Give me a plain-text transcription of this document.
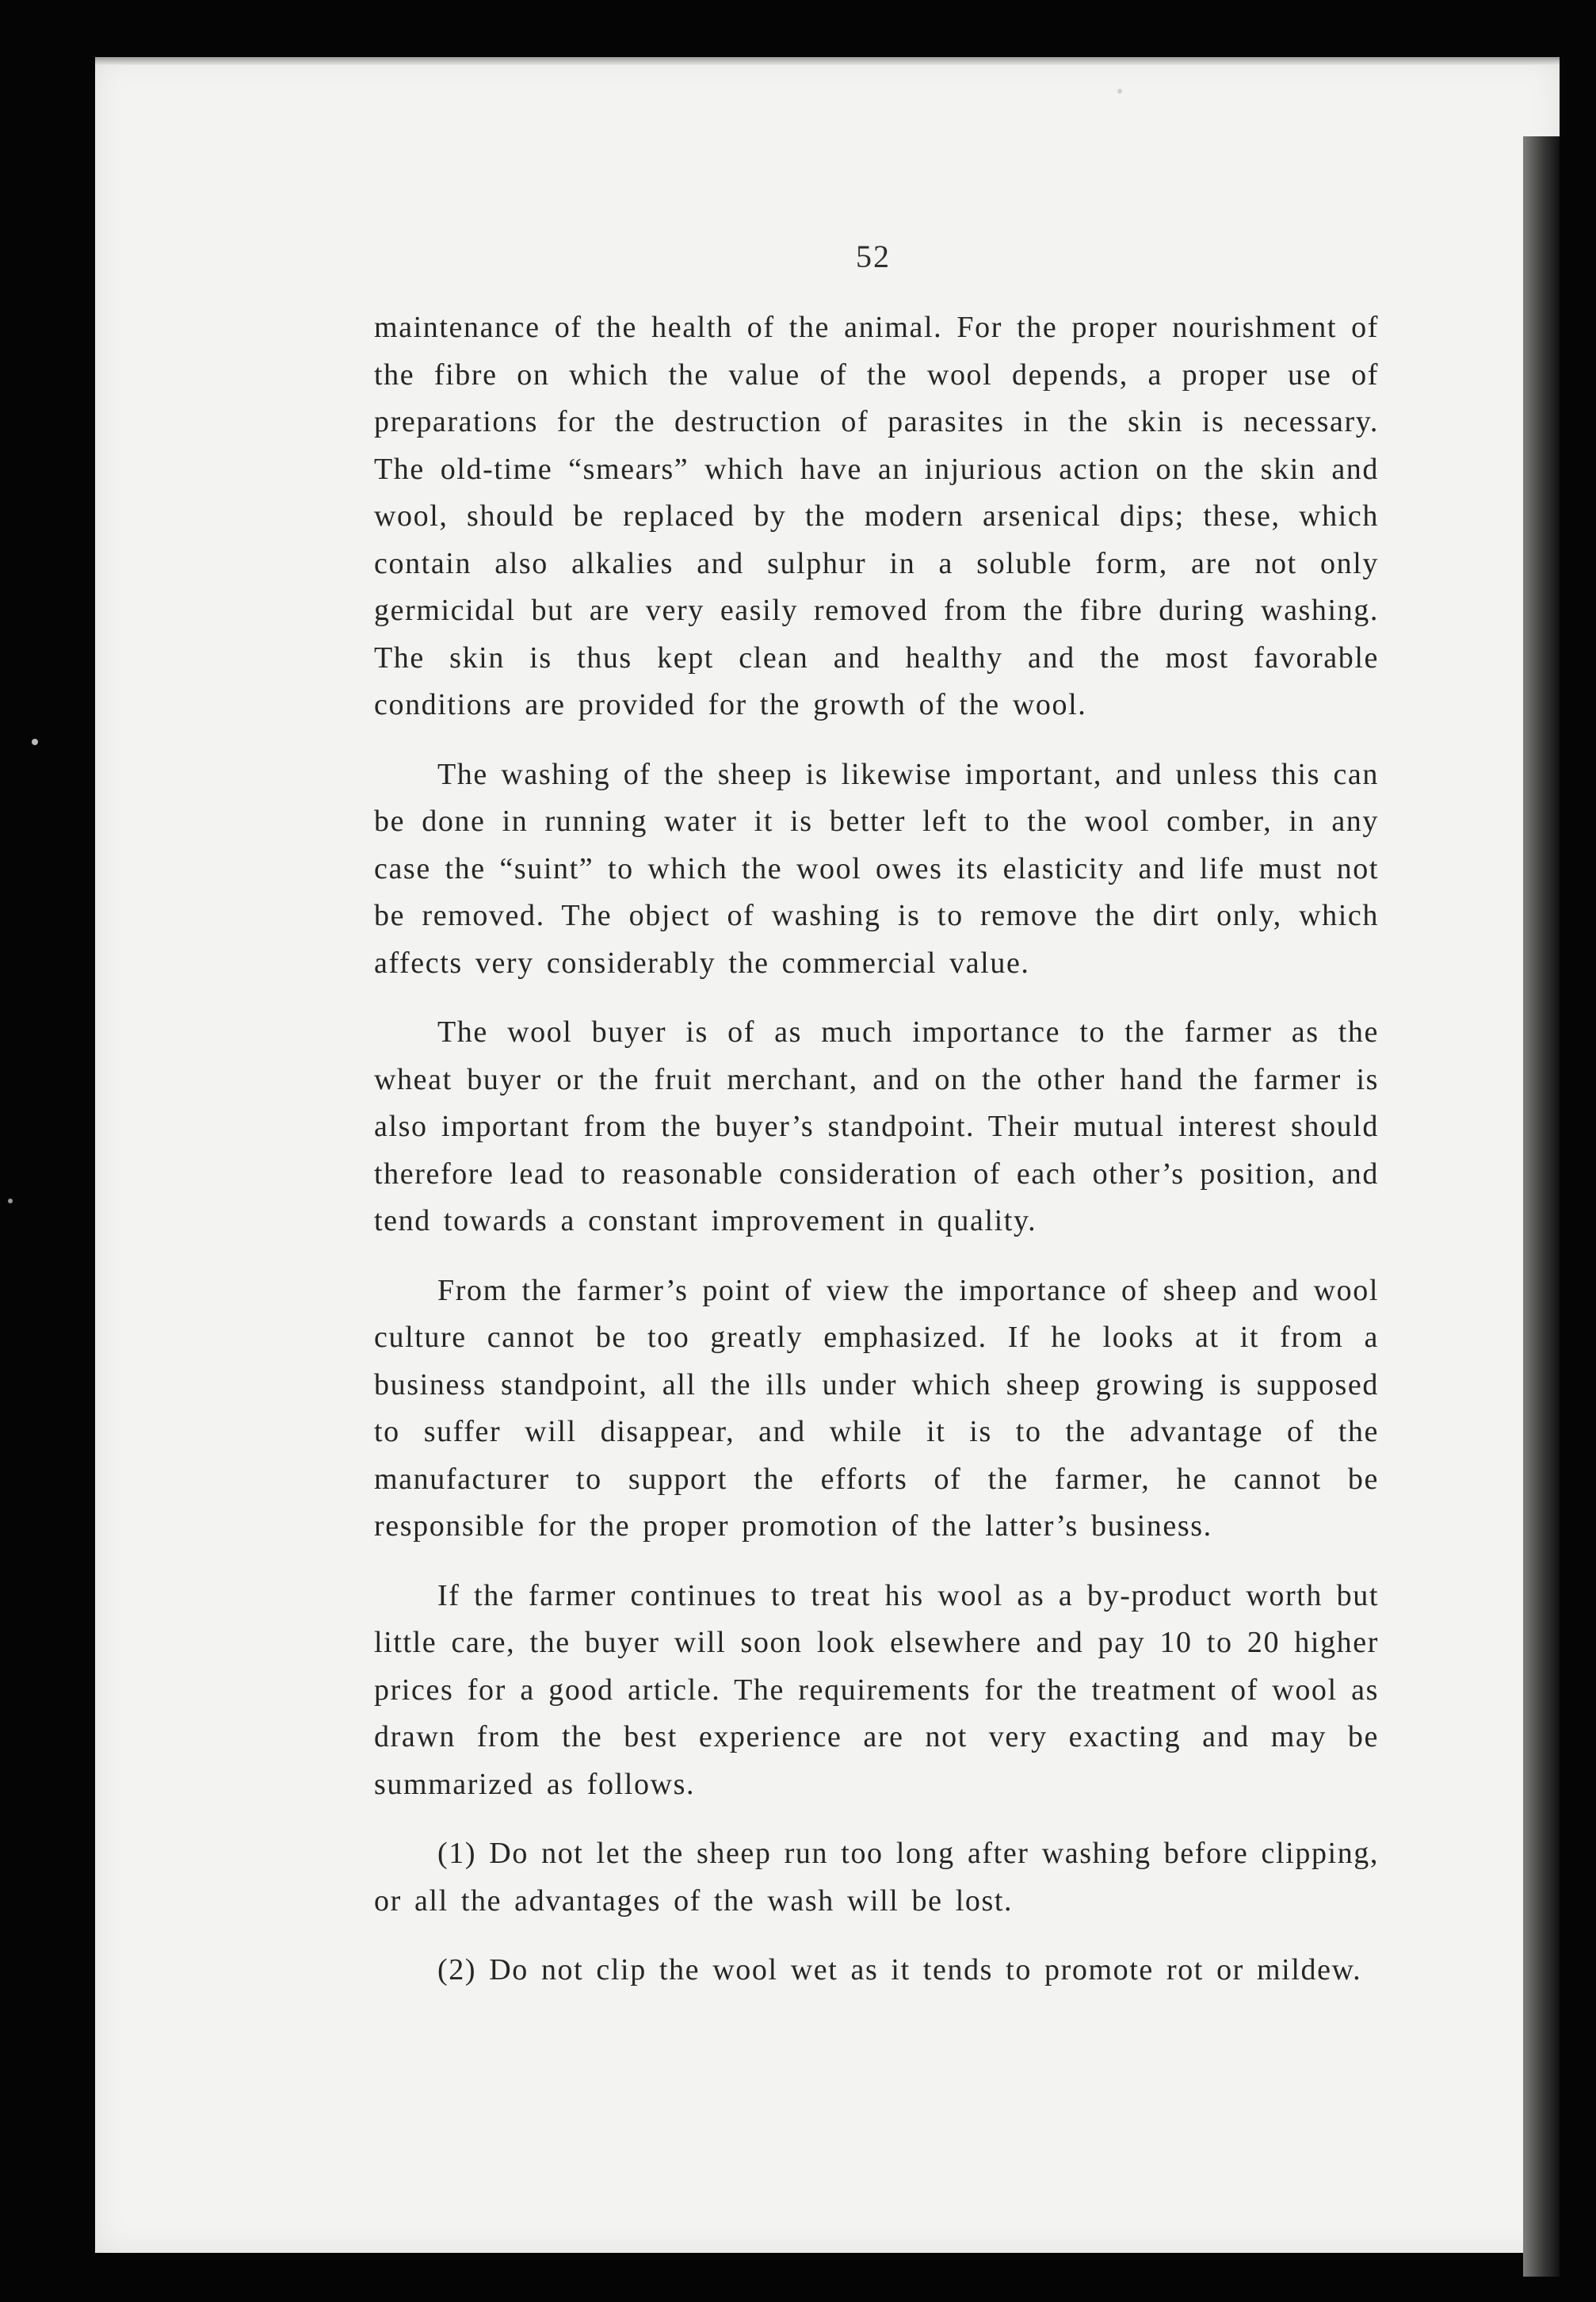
52

maintenance of the health of the animal. For the proper nourishment of the fibre on which the value of the wool depends, a proper use of preparations for the destruction of parasites in the skin is necessary. The old-time “smears” which have an injurious action on the skin and wool, should be replaced by the modern arsenical dips; these, which contain also alkalies and sulphur in a soluble form, are not only germicidal but are very easily removed from the fibre during washing. The skin is thus kept clean and healthy and the most favorable conditions are provided for the growth of the wool.

The washing of the sheep is likewise important, and unless this can be done in running water it is better left to the wool comber, in any case the “suint” to which the wool owes its elasticity and life must not be removed. The object of washing is to remove the dirt only, which affects very considerably the commercial value.

The wool buyer is of as much importance to the farmer as the wheat buyer or the fruit merchant, and on the other hand the farmer is also important from the buyer’s standpoint. Their mutual interest should therefore lead to reasonable consideration of each other’s position, and tend towards a constant improvement in quality.

From the farmer’s point of view the importance of sheep and wool culture cannot be too greatly emphasized. If he looks at it from a business standpoint, all the ills under which sheep growing is supposed to suffer will disappear, and while it is to the advantage of the manufacturer to support the efforts of the farmer, he cannot be responsible for the proper promotion of the latter’s business.

If the farmer continues to treat his wool as a by-product worth but little care, the buyer will soon look elsewhere and pay 10 to 20 higher prices for a good article. The requirements for the treatment of wool as drawn from the best experience are not very exacting and may be summarized as follows.

(1) Do not let the sheep run too long after washing before clipping, or all the advantages of the wash will be lost.

(2) Do not clip the wool wet as it tends to promote rot or mildew.
